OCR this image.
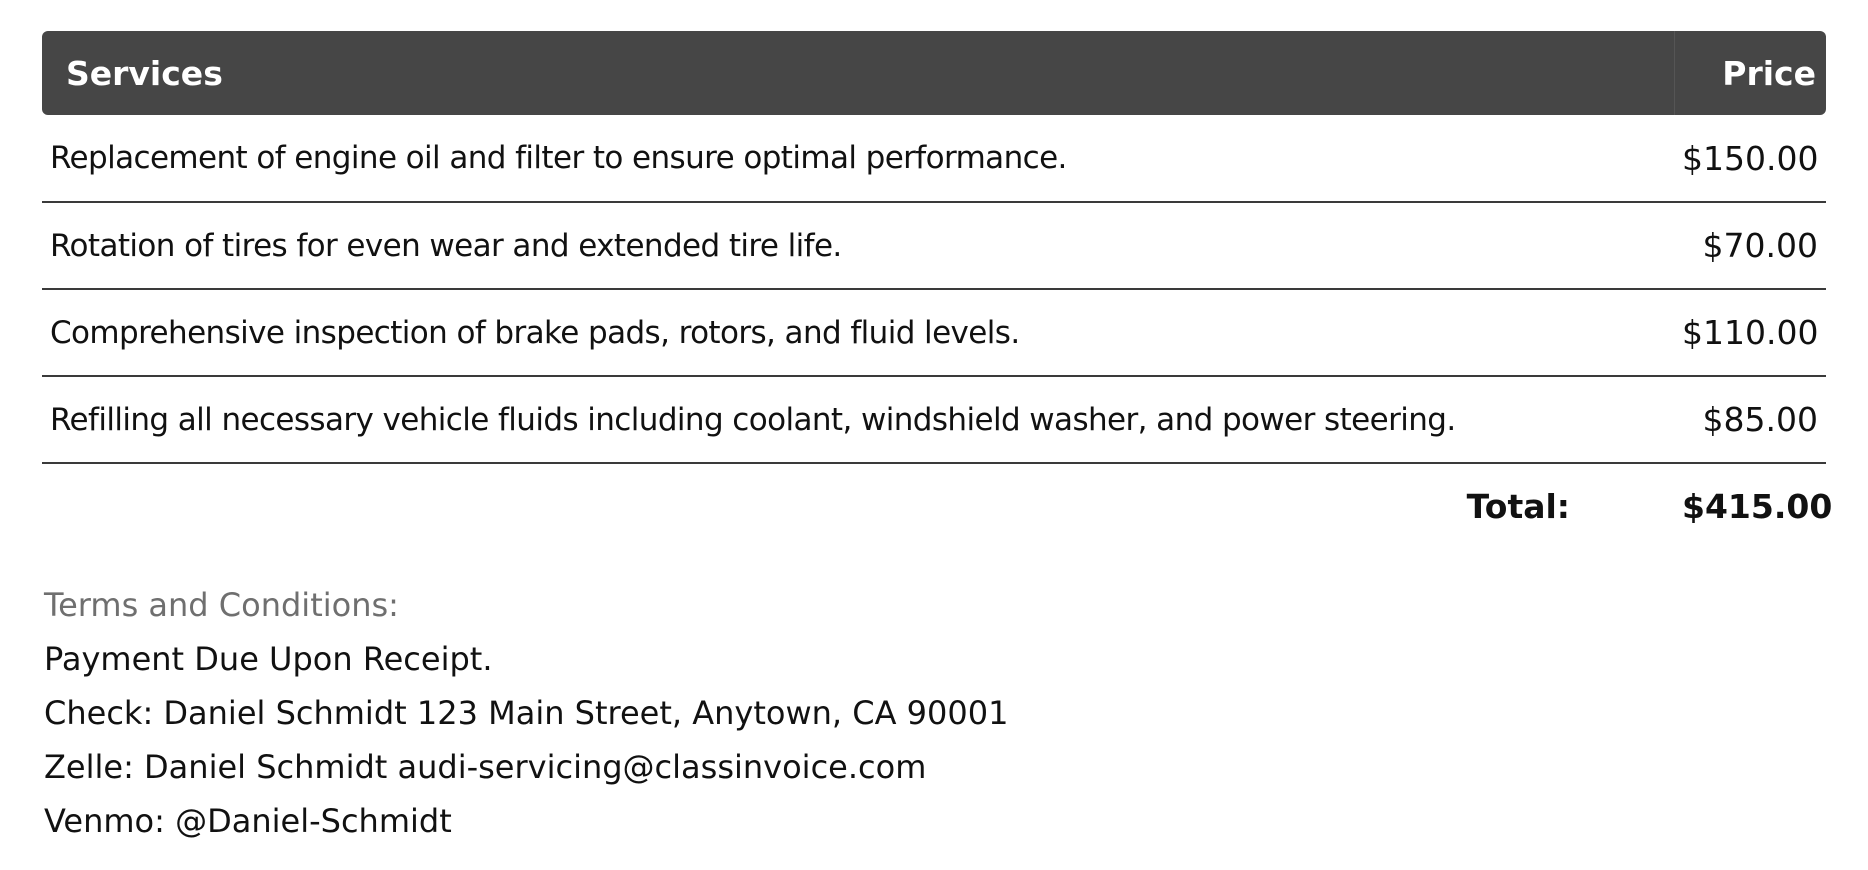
Services	Price
Replacement of engine oil and filter to ensure optimal performance.	$150.00
Rotation of tires for even wear and extended tire life.	$70.00
Comprehensive inspection of brake pads, rotors, and fluid levels.	$110.00
Refilling all necessary vehicle fluids including coolant, windshield washer, and power steering.	$85.00
Total:	$415.00
Terms and Conditions:
Payment Due Upon Receipt.
Check: Daniel Schmidt 123 Main Street, Anytown, CA 90001
Zelle: Daniel Schmidt audi-servicing@classinvoice.com
Venmo: @Daniel-Schmidt
